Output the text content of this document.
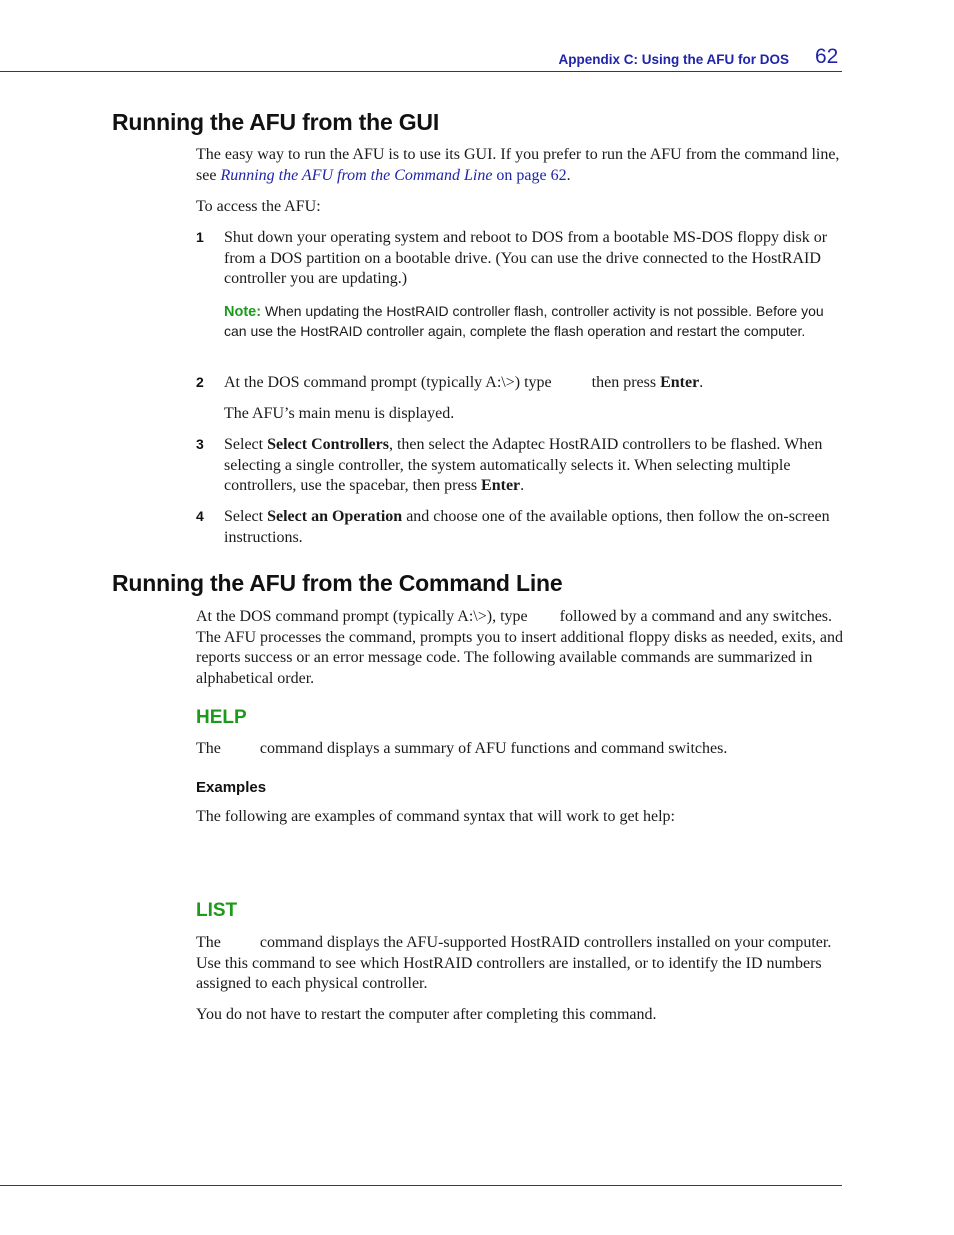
Appendix C: Using the AFU for DOS 62
Running the AFU from the GUI

The easy way to run the AFU is to use its GUI. If you prefer to run the AFU from the command line, see Running the AFU from the Command Line on page 62.

To access the AFU:

1 Shut down your operating system and reboot to DOS from a bootable MS-DOS floppy disk or from a DOS partition on a bootable drive. (You can use the drive connected to the HostRAID controller you are updating.)

Note: When updating the HostRAID controller flash, controller activity is not possible. Before you can use the HostRAID controller again, complete the flash operation and restart the computer.

2 At the DOS command prompt (typically A:\>) type	then press Enter.

The AFU’s main menu is displayed.

3 Select Select Controllers, then select the Adaptec HostRAID controllers to be flashed. When selecting a single controller, the system automatically selects it. When selecting multiple controllers, use the spacebar, then press Enter.

4 Select Select an Operation and choose one of the available options, then follow the on-screen instructions.

Running the AFU from the Command Line

At the DOS command prompt (typically A:\>), type followed by a command and any switches. The AFU processes the command, prompts you to insert additional floppy disks as needed, exits, and reports success or an error message code. The following available commands are summarized in alphabetical order.

HELP

The command displays a summary of AFU functions and command switches.

Examples

The following are examples of command syntax that will work to get help:

LIST

The command displays the AFU-supported HostRAID controllers installed on your computer. Use this command to see which HostRAID controllers are installed, or to identify the ID numbers assigned to each physical controller.

You do not have to restart the computer after completing this command.
